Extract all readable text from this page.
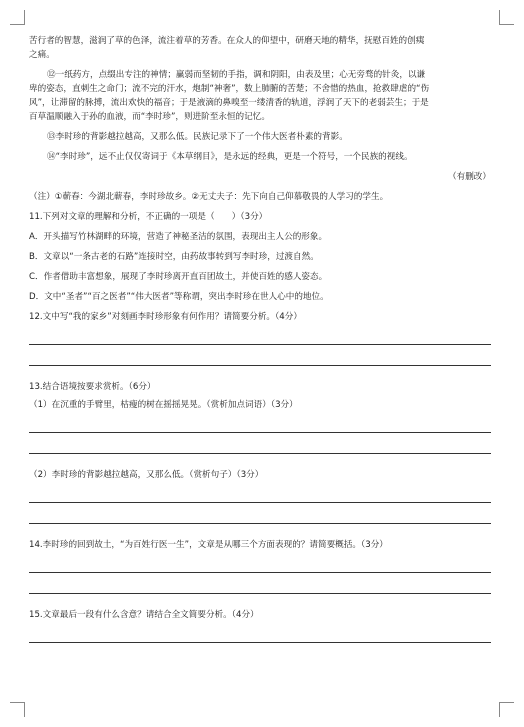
苦行者的智慧，滋润了草的色泽，流注着草的芳香。在众人的仰望中，研磨天地的精华，抚慰百姓的创痍
之痛。
⑫一纸药方，点缀出专注的神情；赢弱而坚韧的手指，调和阴阳，由表及里；心无旁骛的针灸，以谦
卑的姿态，直刺生之命门；流不完的汗水，炮制“神奢”，数上肺腑的苦楚；不舍惜的热血，抢救肆虐的“伤
风”，让滞留的脉搏，流出欢快的福音；于是液滴的鼻嗅至一缕清香的轨道，浮润了天下的老弱芸生；于是
百草温顺融入于孙的血液，而“李时珍”，则进阶至永恒的记忆。
⑬李时珍的背影越拉越高，又那么低。民族记录下了一个伟大医者朴素的背影。
⑭“李时珍”，远不止仅仅寄词于《本草纲目》，是永远的经典，更是一个符号，一个民族的视线。
（有删改）
（注）①蕲春：今湖北蕲春，李时珍故乡。②无丈夫子：先下向自己仰慕敬畏的人学习的学生。
11.下列对文章的理解和分析，不正确的一项是（　　）（3分）
A．开头描写竹林湖畔的环境，营造了神秘圣洁的氛围，表现出主人公的形象。
B．文章以“一条古老的石路”连接时空，由药故事转到写李时珍，过渡自然。
C．作者借助丰富想象，展现了李时珍离开直百团故土，并使百姓的感人姿态。
D．文中“圣者”“百之医者”“伟大医者”等称谓，突出李时珍在世人心中的地位。
12.文中写“我的家乡”对刻画李时珍形象有何作用？请简要分析。（4分）
13.结合语境按要求赏析。（6分）
（1）在沉重的手臂里，枯瘦的树在摇摇晃晃。（赏析加点词语）（3分）
（2）李时珍的背影越拉越高，又那么低。（赏析句子）（3分）
14.李时珍的回到故土，“为百姓行医一生”，文章是从哪三个方面表现的？请简要概括。（3分）
15.文章最后一段有什么含意？请结合全文简要分析。（4分）
